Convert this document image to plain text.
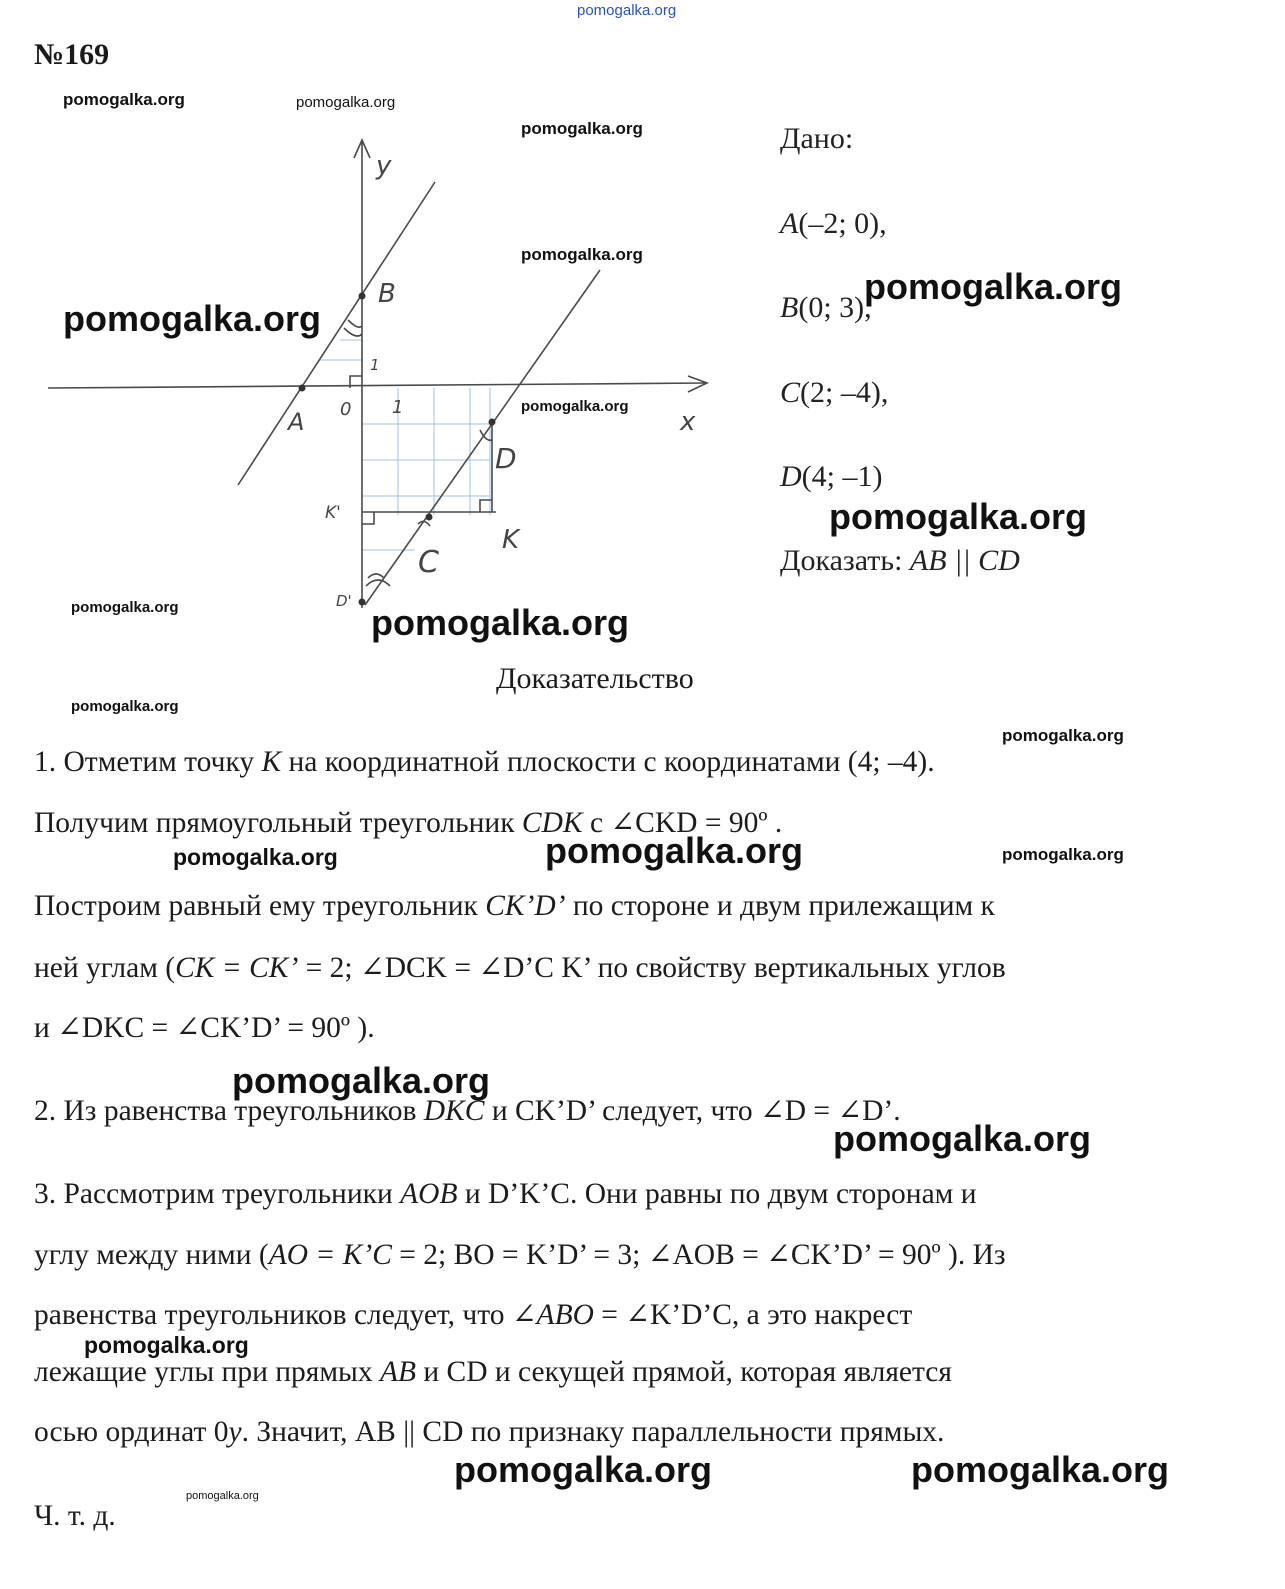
pomogalka.org
№169
y
x
0
1
1
A
B
C
D
K
K'
D'
Дано:
A(–2; 0),
B(0; 3),
C(2; –4),
D(4; –1)
Доказать: AB || CD
Доказательство
1. Отметим точку К на координатной плоскости с координатами (4; –4).
Получим прямоугольный треугольник CDK с ∠CKD = 90º .
Построим равный ему треугольник CK’D’ по стороне и двум прилежащим к
ней углам (CK = CK’ = 2; ∠DCK = ∠D’C K’ по свойству вертикальных углов
и ∠DKC = ∠CK’D’ = 90º ).
2. Из равенства треугольников DKC и CK’D’ следует, что ∠D = ∠D’.
3. Рассмотрим треугольники AOB и D’K’C. Они равны по двум сторонам и
углу между ними (AO = K’C = 2; BO = K’D’ = 3; ∠AOB = ∠CK’D’ = 90º ). Из
равенства треугольников следует, что ∠ABO = ∠K’D’C, а это накрест
лежащие углы при прямых AB и CD и секущей прямой, которая является
осью ординат 0y. Значит, AB || CD по признаку параллельности прямых.
Ч. т. д.
pomogalka.org	pomogalka.org
pomogalka.org
pomogalka.org
pomogalka.org
pomogalka.org
pomogalka.org
pomogalka.org
pomogalka.org	pomogalka.org
pomogalka.org
pomogalka.org
pomogalka.org	pomogalka.org
pomogalka.org
pomogalka.org
pomogalka.org
pomogalka.org
pomogalka.org	pomogalka.org
pomogalka.org
